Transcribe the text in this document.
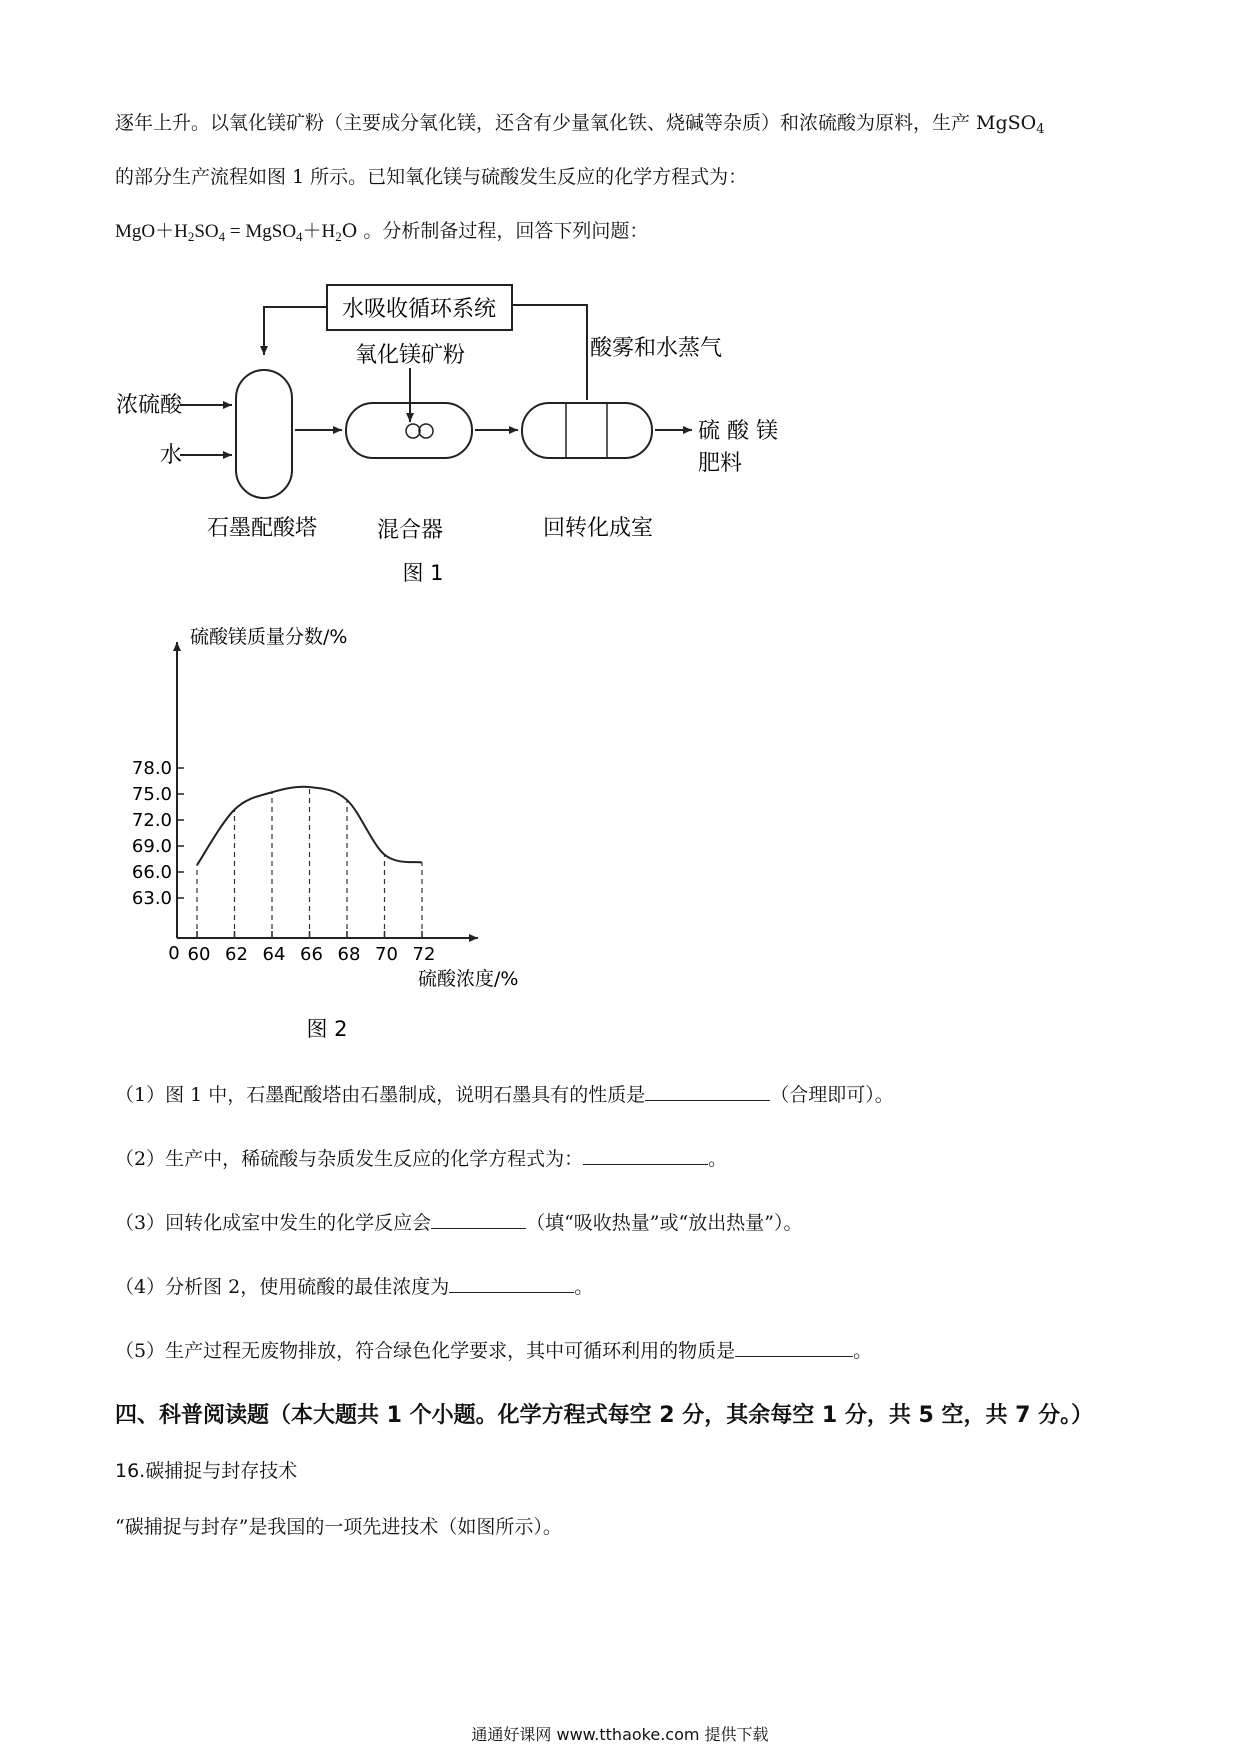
逐年上升。以氧化镁矿粉（主要成分氧化镁，还含有少量氧化铁、烧碱等杂质）和浓硫酸为原料，生产 MgSO$_4$
的部分生产流程如图 1 所示。已知氧化镁与硫酸发生反应的化学方程式为：
$MgO+H_2SO_4$ = $MgSO_4+H_2O$ 。分析制备过程，回答下列问题：
水吸收循环系统
酸雾和水蒸气
浓硫酸
水
石墨配酸塔
氧化镁矿粉
混合器	回转化成室
硫 酸 镁
肥料
图 1
63.0
66.0
69.0
72.0
75.0
78.0
60 62 64 66 68 70 72
硫酸镁质量分数/%
硫酸浓度/%
0
图 2
（1）图 1 中，石墨配酸塔由石墨制成，说明石墨具有的性质是	（合理即可）。
（2）生产中，稀硫酸与杂质发生反应的化学方程式为：	。
（3）回转化成室中发生的化学反应会	（填“吸收热量”或“放出热量”）。
（4）分析图 2，使用硫酸的最佳浓度为	。
（5）生产过程无废物排放，符合绿色化学要求，其中可循环利用的物质是	。
四、科普阅读题（本大题共 1 个小题。化学方程式每空 2 分，其余每空 1 分，共 5 空，共 7 分。）
16.碳捕捉与封存技术
“碳捕捉与封存”是我国的一项先进技术（如图所示）。
通通好课网 www.tthaoke.com 提供下载
